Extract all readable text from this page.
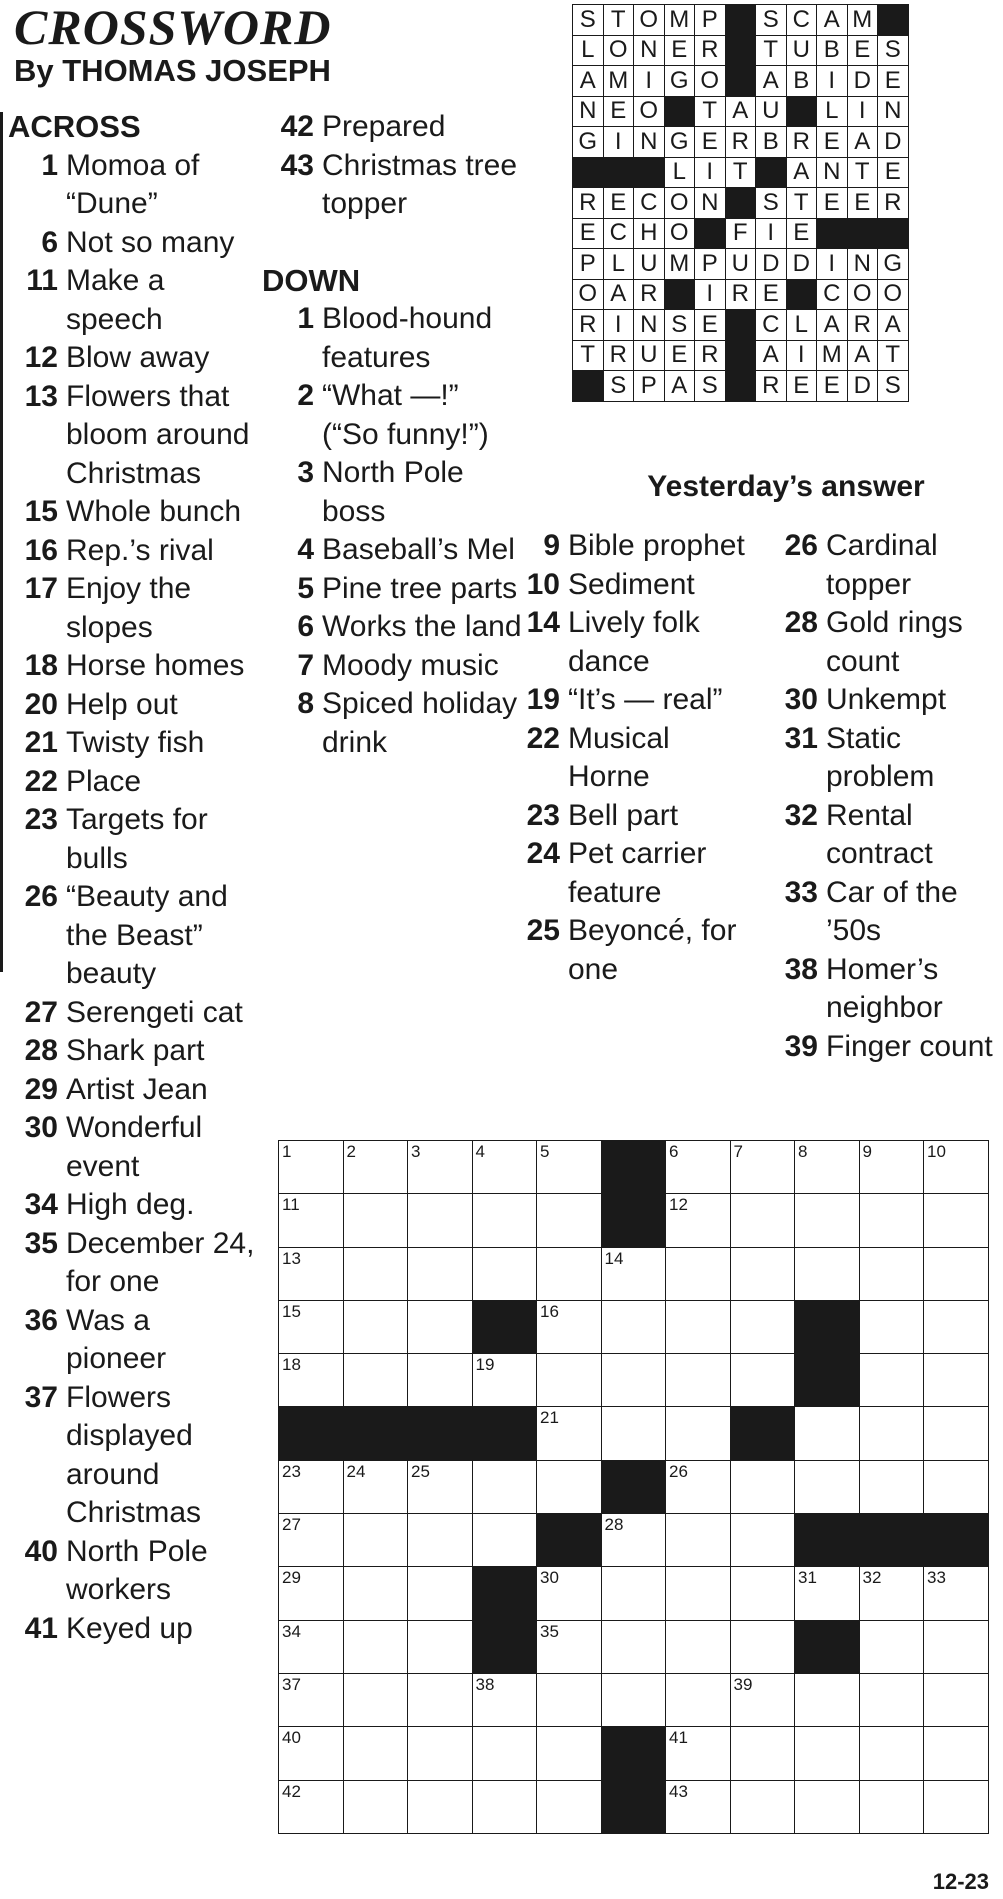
CROSSWORD
By THOMAS JOSEPH
ACROSS
1 Momoa of “Dune”
6 Not so many
11 Make a speech
12 Blow away
13 Flowers that bloom around Christmas
15 Whole bunch
16 Rep.’s rival
17 Enjoy the slopes
18 Horse homes
20 Help out
21 Twisty fish
22 Place
23 Targets for bulls
26 “Beauty and the Beast” beauty
27 Serengeti cat
28 Shark part
29 Artist Jean
30 Wonderful event
34 High deg.
35 December 24, for one
36 Was a pioneer
37 Flowers displayed around Christmas
40 North Pole workers
41 Keyed up
42 Prepared
43 Christmas tree topper
DOWN
1 Blood-hound features
2 “What —!” (“So funny!”)
3 North Pole boss
4 Baseball’s Mel
5 Pine tree parts
6 Works the land
7 Moody music
8 Spiced holiday drink
9 Bible prophet
10 Sediment
14 Lively folk dance
19 “It’s — real”
22 Musical Horne
23 Bell part
24 Pet carrier feature
25 Beyoncé, for one
26 Cardinal topper
28 Gold rings count
30 Unkempt
31 Static problem
32 Rental contract
33 Car of the ’50s
38 Homer’s neighbor
39 Finger count
S	T	O	M	P		S	C	A	M	
L	O	N	E	R		T	U	B	E	S
A	M	I	G	O		A	B	I	D	E
N	E	O		T	A	U		L	I	N
G	I	N	G	E	R	B	R	E	A	D
			L	I	T		A	N	T	E
R	E	C	O	N		S	T	E	E	R
E	C	H	O		F	I	E			
P	L	U	M	P	U	D	D	I	N	G
O	A	R		I	R	E		C	O	O
R	I	N	S	E		C	L	A	R	A
T	R	U	E	R		A	I	M	A	T
	S	P	A	S		R	E	E	D	S
Yesterday’s answer
1	2	3	4	5		6	7	8	9	10

11						12				

13					14					

15				16						

18			19							

				21						

23	24	25				26				

27					28					

29				30				31	32	33

34				35						

37			38				39			

40						41				

42						43				

12-23
